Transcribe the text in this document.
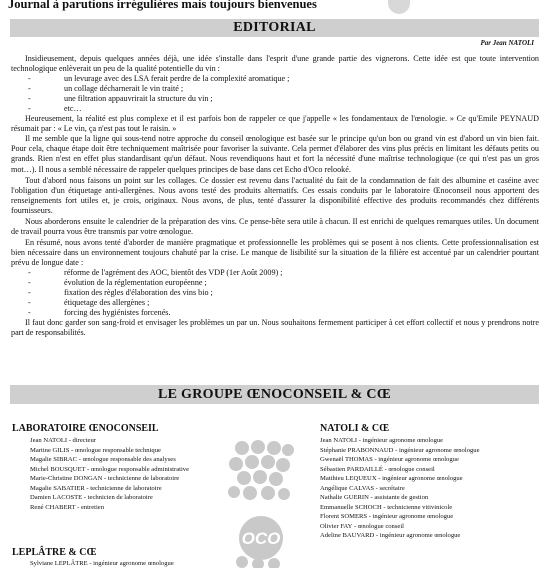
Journal à parutions irrégulières mais toujours bienvenues
EDITORIAL
Par Jean NATOLI

Insidieusement, depuis quelques années déjà, une idée s'installe dans l'esprit d'une grande partie des vignerons. Cette idée est que toute intervention technologique enlèverait un peu de la qualité potentielle du vin :

-	un levurage avec des LSA ferait perdre de la complexité aromatique ;
-	un collage décharnerait le vin traité ;
-	une filtration appauvrirait la structure du vin ;
-	etc…

Heureusement, la réalité est plus complexe et il est parfois bon de rappeler ce que j'appelle « les fondamentaux de l'œnologie. » Ce qu'Emile PEYNAUD résumait par : « Le vin, ça n'est pas tout le raisin. »

Il me semble que la ligne qui sous-tend notre approche du conseil œnologique est basée sur le principe qu'un bon ou grand vin est d'abord un vin bien fait. Pour cela, chaque étape doit être techniquement maîtrisée pour favoriser la suivante. Cela permet d'élaborer des vins plus précis en limitant les défauts petits ou grands. Rien n'est en effet plus standardisant qu'un défaut. Nous revendiquons haut et fort la nécessité d'une maîtrise technologique (ce qui n'est pas un gros mot…). Il nous a semblé nécessaire de rappeler quelques principes de base dans cet Echo d'Oco relooké.

Tout d'abord nous faisons un point sur les collages. Ce dossier est revenu dans l'actualité du fait de la condamnation de fait des albumine et caséine avec l'obligation d'un étiquetage anti-allergènes. Nous avons testé des produits alternatifs. Ces essais conduits par le laboratoire Œnoconseil nous apportent des renseignements fort utiles et, je crois, originaux. Nous avons, de plus, tenté d'assurer la disponibilité effective des produits recommandés chez différents fournisseurs.

Nous aborderons ensuite le calendrier de la préparation des vins. Ce pense-bête sera utile à chacun. Il est enrichi de quelques remarques utiles. Un document de travail pourra vous être transmis par votre œnologue.

En résumé, nous avons tenté d'aborder de manière pragmatique et professionnelle les problèmes qui se posent à nos clients. Cette professionnalisation est bien nécessaire dans un environnement toujours chahuté par la crise. Le manque de lisibilité sur la situation de la filière est accentué par un calendrier pourtant prévu de longue date :

-	réforme de l'agrément des AOC, bientôt des VDP (1er Août 2009) ;
-	évolution de la réglementation européenne ;
-	fixation des règles d'élaboration des vins bio ;
-	étiquetage des allergènes ;
-	forcing des hygiénistes forcenés.

Il faut donc garder son sang-froid et envisager les problèmes un par un. Nous souhaitons fermement participer à cet effort collectif et nous y prendrons notre part de responsabilités.

LE GROUPE ŒNOCONSEIL & CŒ
LABORATOIRE ŒNOCONSEIL
Jean NATOLI - directeur
Martine GILIS - œnologue responsable technique
Magalie SIBRAC - œnologue responsable des analyses
Michel BOUSQUET - œnologue responsable administrative
Marie-Christine DONGAN - technicienne de laboratoire
Magalie SABATIER - technicienne de laboratoire
Damien LACOSTE - technicien de laboratoire
René CHABERT - entretien
LEPLÂTRE & CŒ
Sylviane LEPLÂTRE - ingénieur agronome œnologue
NATOLI & CŒ
Jean NATOLI - ingénieur agronome œnologue
Stéphanie PRABONNAUD - ingénieur agronome œnologue
Gwenaël THOMAS - ingénieur agronome œnologue
Sébastien PARDAILLÉ - œnologue conseil
Matthieu LEQUEUX - ingénieur agronome œnologue
Angélique CALVAS - secrétaire
Nathalie GUERIN - assistante de gestion
Emmanuelle SCHOCH - technicienne vitivinicole
Florent SOMERS - ingénieur agronome œnologue
Olivier FAY - œnologue conseil
Adeline BAUVARD - ingénieur agronome œnologue
OCO
